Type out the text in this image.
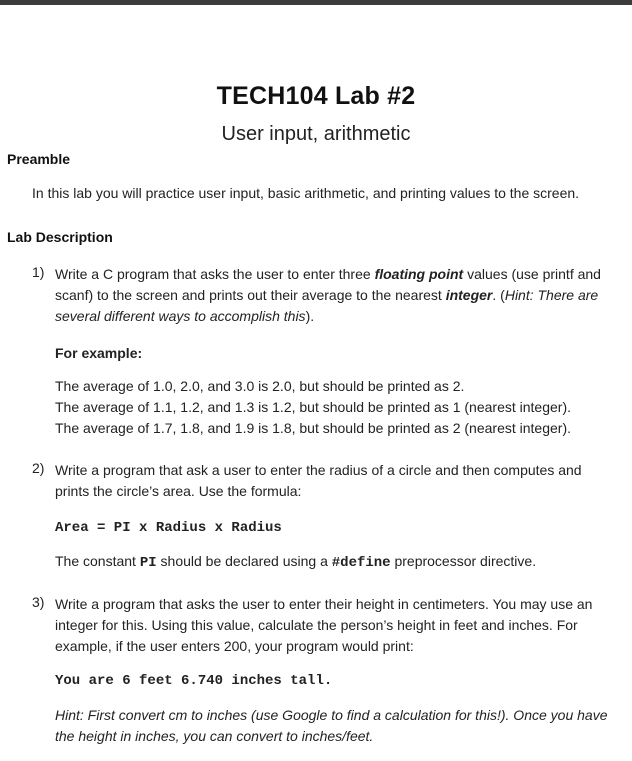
TECH104 Lab #2
User input, arithmetic
Preamble

In this lab you will practice user input, basic arithmetic, and printing values to the screen.

Lab Description
1) Write a C program that asks the user to enter three floating point values (use printf and
scanf) to the screen and prints out their average to the nearest integer. (Hint: There are
several different ways to accomplish this).
For example:
The average of 1.0, 2.0, and 3.0 is 2.0, but should be printed as 2.
The average of 1.1, 1.2, and 1.3 is 1.2, but should be printed as 1 (nearest integer).
The average of 1.7, 1.8, and 1.9 is 1.8, but should be printed as 2 (nearest integer).
2) Write a program that ask a user to enter the radius of a circle and then computes and
prints the circle’s area. Use the formula:
Area = PI x Radius x Radius
The constant PI should be declared using a #define preprocessor directive.
3) Write a program that asks the user to enter their height in centimeters. You may use an
integer for this. Using this value, calculate the person’s height in feet and inches. For
example, if the user enters 200, your program would print:
You are 6 feet 6.740 inches tall.
Hint: First convert cm to inches (use Google to find a calculation for this!). Once you have
the height in inches, you can convert to inches/feet.
